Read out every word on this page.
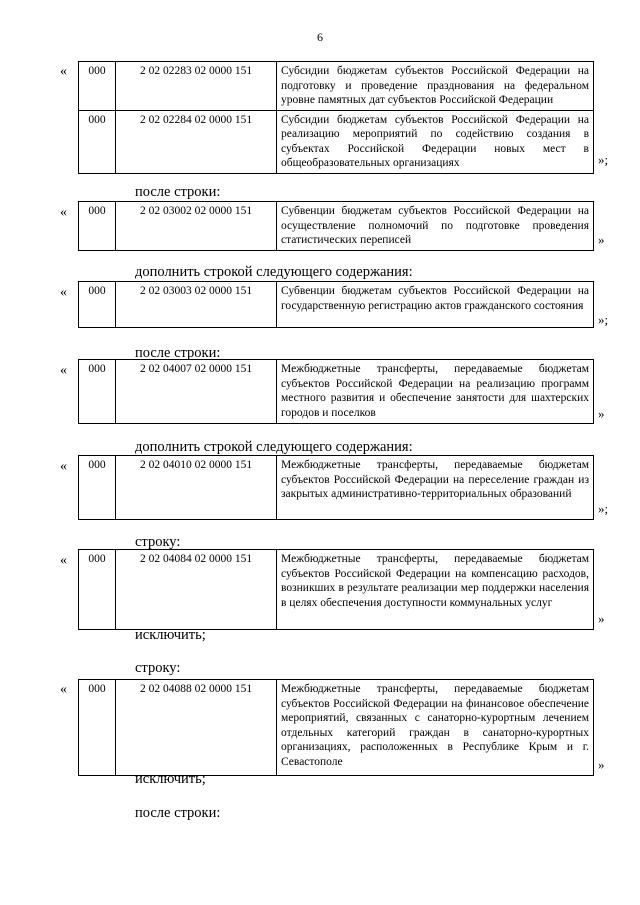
6
« 000	2 02 02283 02 0000 151	Субсидии бюджетам субъектов Российской Федерации на подготовку и проведение празднования на федеральном уровне памятных дат субъектов Российской Федерации
000	2 02 02284 02 0000 151	Субсидии бюджетам субъектов Российской Федерации на реализацию мероприятий по содействию создания в субъектах Российской Федерации новых мест в общеобразовательных организациях	»;
после строки:
« 000	2 02 03002 02 0000 151	Субвенции бюджетам субъектов Российской Федерации на осуществление полномочий по подготовке проведения статистических переписей	»
дополнить строкой следующего содержания:
« 000	2 02 03003 02 0000 151	Субвенции бюджетам субъектов Российской Федерации на государственную регистрацию актов гражданского состояния
»;
после строки:
« 000	2 02 04007 02 0000 151	Межбюджетные трансферты, передаваемые бюджетам субъектов Российской Федерации на реализацию программ местного развития и обеспечение занятости для шахтерских городов и поселков	»
дополнить строкой следующего содержания:
« 000	2 02 04010 02 0000 151	Межбюджетные трансферты, передаваемые бюджетам субъектов Российской Федерации на переселение граждан из закрытых административно-территориальных образований
»;
строку:
« 000	2 02 04084 02 0000 151	Межбюджетные трансферты, передаваемые бюджетам субъектов Российской Федерации на компенсацию расходов, возникших в результате реализации мер поддержки населения в целях обеспечения доступности коммунальных услуг
»
исключить;
строку:
« 000	2 02 04088 02 0000 151	Межбюджетные трансферты, передаваемые бюджетам субъектов Российской Федерации на финансовое обеспечение мероприятий, связанных с санаторно-курортным лечением отдельных категорий граждан в санаторно-курортных организациях, расположенных в Республике Крым и г. Севастополе	»
исключить;
после строки:
